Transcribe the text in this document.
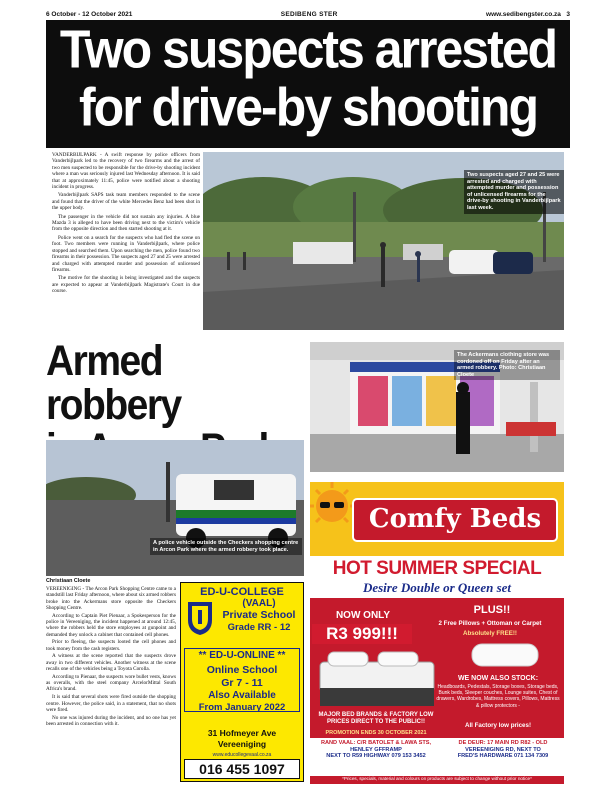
6 October - 12 October 2021	SEDIBENG STER	www.sedibengster.co.za 3
Two suspects arrested
for drive-by shooting

VANDERBIJLPARK - A swift response by police officers from Vanderbijlpark led to the recovery of two firearms and the arrest of two men suspected to be responsible for the drive-by shooting incident where a man was seriously injured last Wednesday afternoon. It is said that at approximately 11:45, police were notified about a shooting incident in progress.

Vanderbijlpark SAPS task team members responded to the scene and found that the driver of the white Mercedes Benz had been shot in the upper body.

The passenger in the vehicle did not sustain any injuries. A blue Mazda 3 is alleged to have been driving next to the victim's vehicle from the opposite direction and then started shooting at it.

Police went on a search for the suspects who had fled the scene on foot. Two members were running in Vanderbijlpark, where police stopped and searched them. Upon searching the men, police found two firearms in their possession. The suspects aged 27 and 25 were arrested and charged with attempted murder and possession of unlicensed firearms.

The motive for the shooting is being investigated and the suspects are expected to appear at Vanderbijlpark Magistrate's Court in due course.

Two suspects aged 27 and 25 were arrested and charged with attempted murder and possession of unlicensed firearms for the drive-by shooting in Vanderbijlpark last week.
Armed robbery
The Ackermans clothing store was cordoned off on Friday after an armed robbery. Photo: Christiaan Cloete
A police vehicle outside the Checkers shopping centre in Arcon Park where the armed robbery took place.
Christiaan Cloete

VEREENIGING - The Arcon Park Shopping Centre came to a standstill last Friday afternoon, where about six armed robbers broke into the Ackermans store opposite the Checkers Shopping Centre.

According to Captain Piet Pienaar, a Spokesperson for the police in Vereeniging, the incident happened at around 12:45, where the robbers held the store employees at gunpoint and demanded they unlock a cabinet that contained cell phones.

Prior to fleeing, the suspects looted the cell phones and took money from the cash registers.

A witness at the scene reported that the suspects drove away in two different vehicles. Another witness at the scene recalls one of the vehicles being a Toyota Corolla.

According to Pienaar, the suspects wore bullet vests, knows as overalls, with the steel company ArcelorMittal South Africa's brand.

It is said that several shots were fired outside the shopping centre. However, the police said, in a statement, that no shots were fired.

No one was injured during the incident, and no one has yet been arrested in connection with it.

ED-U-COLLEGE
(VAAL)
Private School
Grade RR - 12
** ED-U-ONLINE **
Online School
Gr 7 - 11
Also Available
From January 2022
31 Hofmeyer Ave
Vereeniging
www.educollegevaal.co.za
016 455 1097
Comfy Beds
HOT SUMMER SPECIAL
Desire Double or Queen set
NOW ONLY
R3 999!!!
PLUS!!
2 Free Pillows + Ottoman or Carpet
Absolutely FREE!!
WE NOW ALSO STOCK:
Headboards, Pedestals, Storage boxes, Storage beds, Bunk beds, Sleeper couches, Lounge suites, Chest of drawers, Wardrobes, Mattress covers, Pillows, Mattress & pillow protectors -
All Factory low prices!
MAJOR BED BRANDS & FACTORY LOW PRICES DIRECT TO THE PUBLIC!!
PROMOTION ENDS 30 OCTOBER 2021
RAND VAAL: C/R BATOLET & LAWA STS,
HENLEY GFFRAMP
NEXT TO R59 HIGHWAY 079 153 3452
DE DEUR: 17 MAIN RD R82 - OLD
VEREENIGING RD, NEXT TO
FRED'S HARDWARE 071 134 7309
*Prices, specials, material and colours on products are subject to change without prior notice*
